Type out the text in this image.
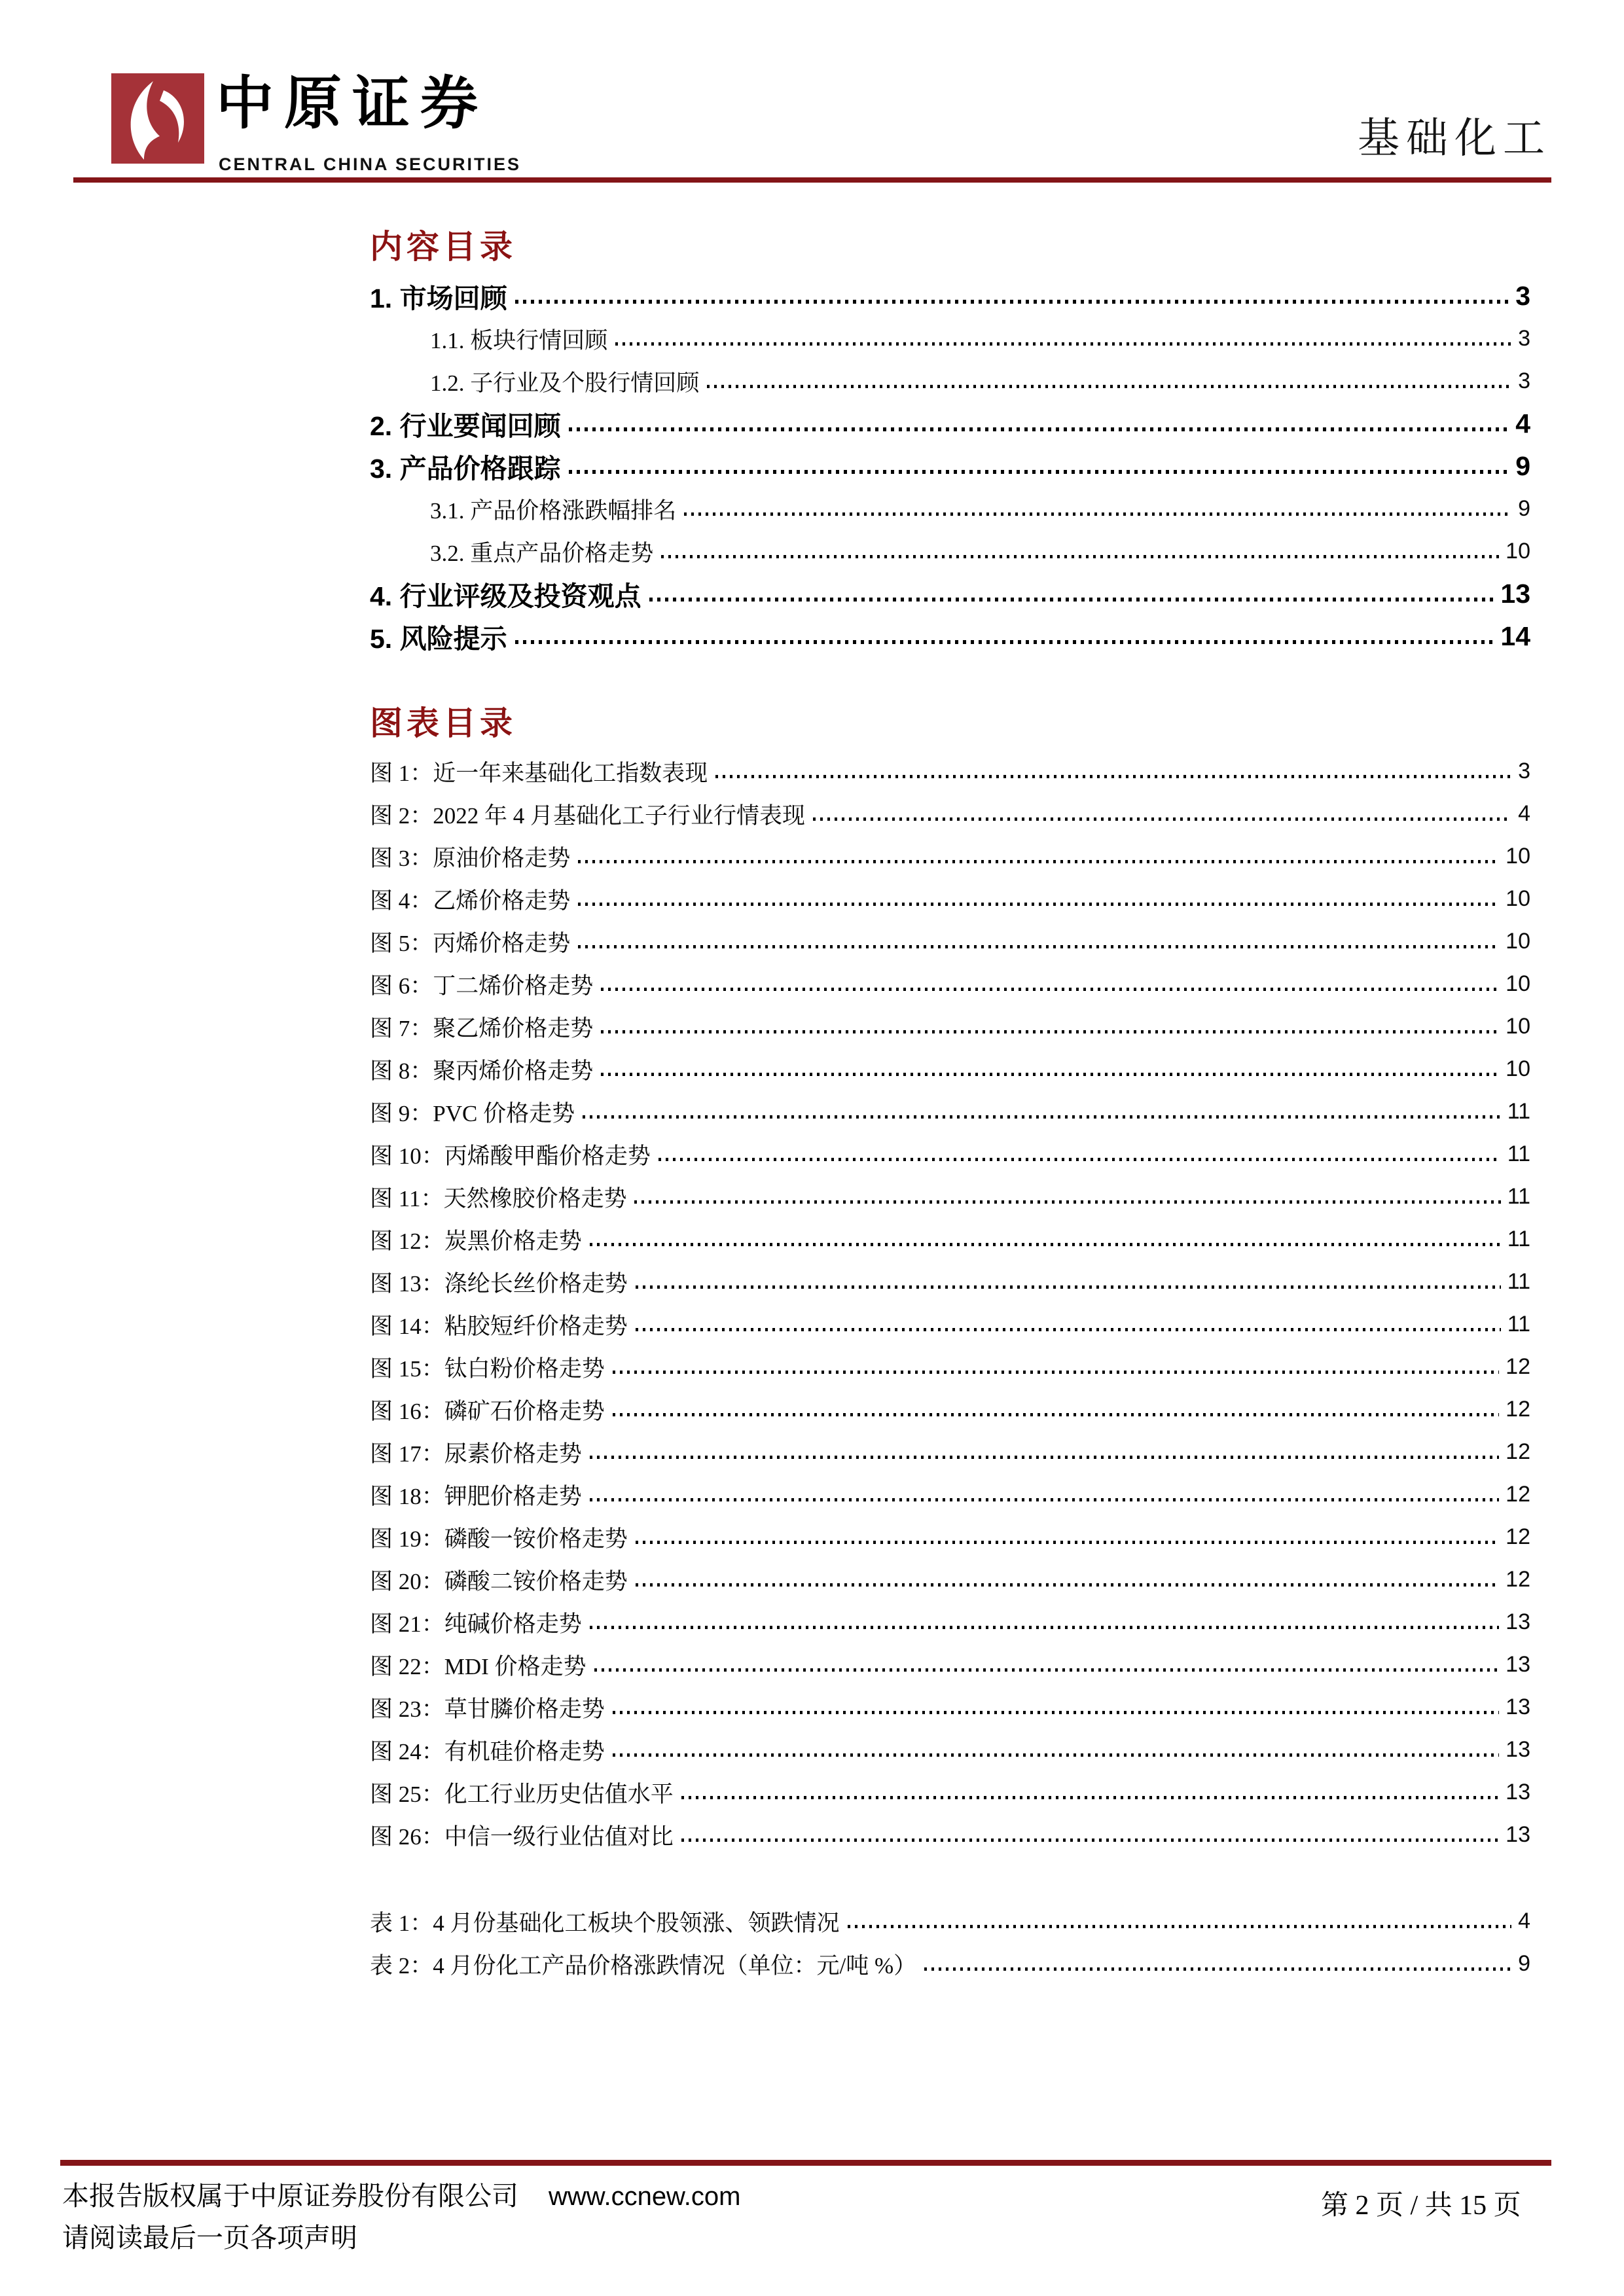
中原证券
CENTRAL CHINA SECURITIES
基础化工
内容目录
1. 市场回顾	3
1.1. 板块行情回顾	3
1.2. 子行业及个股行情回顾	3
2. 行业要闻回顾	4
3. 产品价格跟踪	9
3.1. 产品价格涨跌幅排名	9
3.2. 重点产品价格走势	10
4. 行业评级及投资观点	13
5. 风险提示	14
图表目录
图 1：近一年来基础化工指数表现	3
图 2：2022 年 4 月基础化工子行业行情表现	4
图 3：原油价格走势	10
图 4：乙烯价格走势	10
图 5：丙烯价格走势	10
图 6：丁二烯价格走势	10
图 7：聚乙烯价格走势	10
图 8：聚丙烯价格走势	10
图 9：PVC 价格走势	11
图 10：丙烯酸甲酯价格走势	11
图 11：天然橡胶价格走势	11
图 12：炭黑价格走势	11
图 13：涤纶长丝价格走势	11
图 14：粘胶短纤价格走势	11
图 15：钛白粉价格走势	12
图 16：磷矿石价格走势	12
图 17：尿素价格走势	12
图 18：钾肥价格走势	12
图 19：磷酸一铵价格走势	12
图 20：磷酸二铵价格走势	12
图 21：纯碱价格走势	13
图 22：MDI 价格走势	13
图 23：草甘膦价格走势	13
图 24：有机硅价格走势	13
图 25：化工行业历史估值水平	13
图 26：中信一级行业估值对比	13
表 1：4 月份基础化工板块个股领涨、领跌情况	4
表 2：4 月份化工产品价格涨跌情况（单位：元/吨 %）	9
本报告版权属于中原证券股份有限公司 www.ccnew.com
请阅读最后一页各项声明
第 2 页 / 共 15 页
